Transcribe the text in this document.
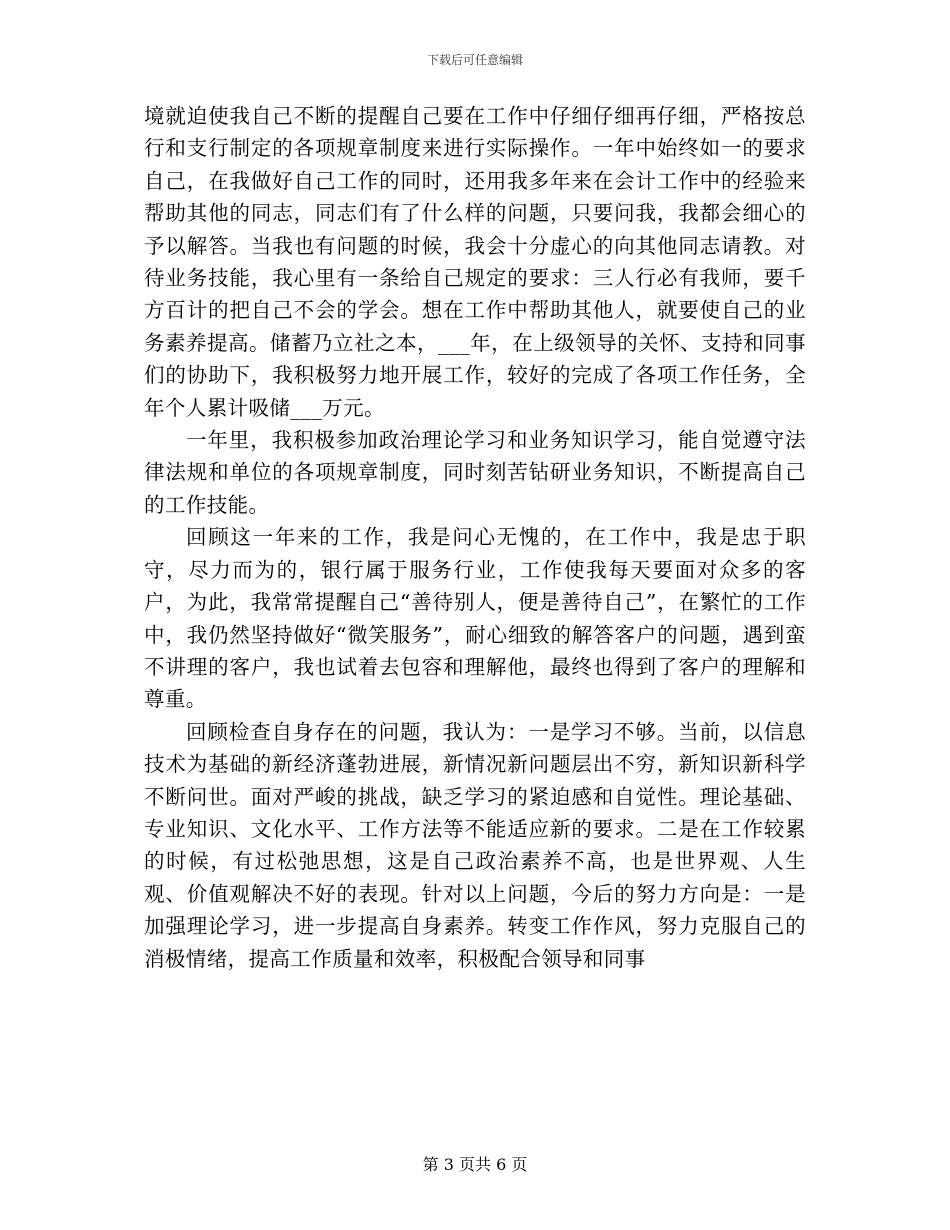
下载后可任意编辑

境就迫使我自己不断的提醒自己要在工作中仔细仔细再仔细，严格按总行和支行制定的各项规章制度来进行实际操作。一年中始终如一的要求自己，在我做好自己工作的同时，还用我多年来在会计工作中的经验来帮助其他的同志，同志们有了什么样的问题，只要问我，我都会细心的予以解答。当我也有问题的时候，我会十分虚心的向其他同志请教。对待业务技能，我心里有一条给自己规定的要求：三人行必有我师，要千方百计的把自己不会的学会。想在工作中帮助其他人，就要使自己的业务素养提高。储蓄乃立社之本，___年，在上级领导的关怀、支持和同事们的协助下，我积极努力地开展工作，较好的完成了各项工作任务，全年个人累计吸储___万元。

一年里，我积极参加政治理论学习和业务知识学习，能自觉遵守法律法规和单位的各项规章制度，同时刻苦钻研业务知识，不断提高自己的工作技能。

回顾这一年来的工作，我是问心无愧的，在工作中，我是忠于职守，尽力而为的，银行属于服务行业，工作使我每天要面对众多的客户，为此，我常常提醒自己“善待别人，便是善待自己”，在繁忙的工作中，我仍然坚持做好“微笑服务”，耐心细致的解答客户的问题，遇到蛮不讲理的客户，我也试着去包容和理解他，最终也得到了客户的理解和尊重。

回顾检查自身存在的问题，我认为：一是学习不够。当前，以信息技术为基础的新经济蓬勃进展，新情况新问题层出不穷，新知识新科学不断问世。面对严峻的挑战，缺乏学习的紧迫感和自觉性。理论基础、专业知识、文化水平、工作方法等不能适应新的要求。二是在工作较累的时候，有过松弛思想，这是自己政治素养不高，也是世界观、人生观、价值观解决不好的表现。针对以上问题，今后的努力方向是：一是加强理论学习，进一步提高自身素养。转变工作作风，努力克服自己的消极情绪，提高工作质量和效率，积极配合领导和同事

第 3 页共 6 页
